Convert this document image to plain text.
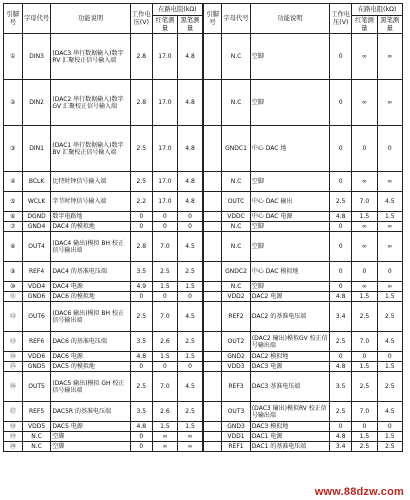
引脚号	字母代号	功能说明	工作电压(V)	在路电阻(kΩ)		引脚号	字母代号	功能说明	工作电压(V)	在路电阻(kΩ)	
				红笔测量	黑笔测量					红笔测量	黑笔测量
①	DIN3	(DAC3 串行数据输入)数字RV 汇聚校正信号输入端	2.8	17.0	4.8		N.C	空脚	0	∞	∞
②	DIN2	(DAC2 串行数据输入)数字GV 汇聚校正信号输入端	2.8	17.0	4.8		N.C	空脚	0	∞	∞
③	DIN1	(DAC1 串行数据输入)数字BV 汇聚校正信号输入端	2.5	17.0	4.8		GNDC1	中心 DAC 地	0	0	0
④	BCLK	比特时钟信号输入端	2.5	17.0	4.8		N.C	空脚	0	∞	∞
⑤	WCLK	字节时钟信号输入端	2.2	17.0	4.8		OUTC	中心 DAC 输出	2.5	7.0	4.5
⑥	DGND	数字电路地	0	0	0		VDDC	中心 DAC 电源	4.8	1.5	1.5
⑦	GND4	DAC4 的模拟地	0	0	0		N.C	空脚	0	∞	∞
⑧	OUT4	(DAC4 输出)模拟 BH 校正信号输出端	2.8	7.0	4.5		N.C	空脚	0	∞	∞
⑨	REF4	DAC4 的基准电压端	3.5	2.5	2.5		GNDC2	中心 DAC 模拟地	0	0	0
⑩	VDD4	DAC4 电源	4.9	1.5	1.5		N.C	空脚	0	∞	∞
⑪	GND6	DAC6 的模拟地	0	0	0		VDD2	DAC2 电源	4.8	1.5	1.5
⑫	OUT6	(DAC6 输出)模拟 BH 校正信号输出端	2.5	7.0	4.5		REF2	DAC2 的基准电压端	3.4	2.5	2.5
⑬	REF6	DAC6 的基准电压端	3.5	2.6	2.5		OUT2	(DAC2 输出)模拟GV 校正信号输出端	2.5	7.0	4.5
⑭	VDD6	DAC6 电源	4.8	1.5	1.5		GND2	DAC2 模拟地	0	0	0
⑮	GND5	DAC5 的模拟地	0	0	0		VDD3	DAC3 电源	4.8	1.5	1.5
⑯	OUT5	(DAC5 输出)模拟 GH 校正信号输出端	2.5	7.0	4.5		REF3	DAC3 基准电压端	3.5	2.5	2.5
⑰	REF5	DAC5R 的基准电压端	3.5	2.6	2.5		OUT3	(DAC3 输出)模拟RV 校正信号输出端	2.5	7.0	4.5
⑱	VDD5	DAC5 电源	4.8	1.5	1.5		GND3	DAC3 模拟地	0	0	0
⑲	N.C	空脚	0	∞	∞		VDD1	DAC1 电源	4.8	1.5	1.5
⑳	N.C	空脚	0	∞	∞		REF1	DAC1 的基准电压端	3.4	2.5	2.5
www.88dzw.com
